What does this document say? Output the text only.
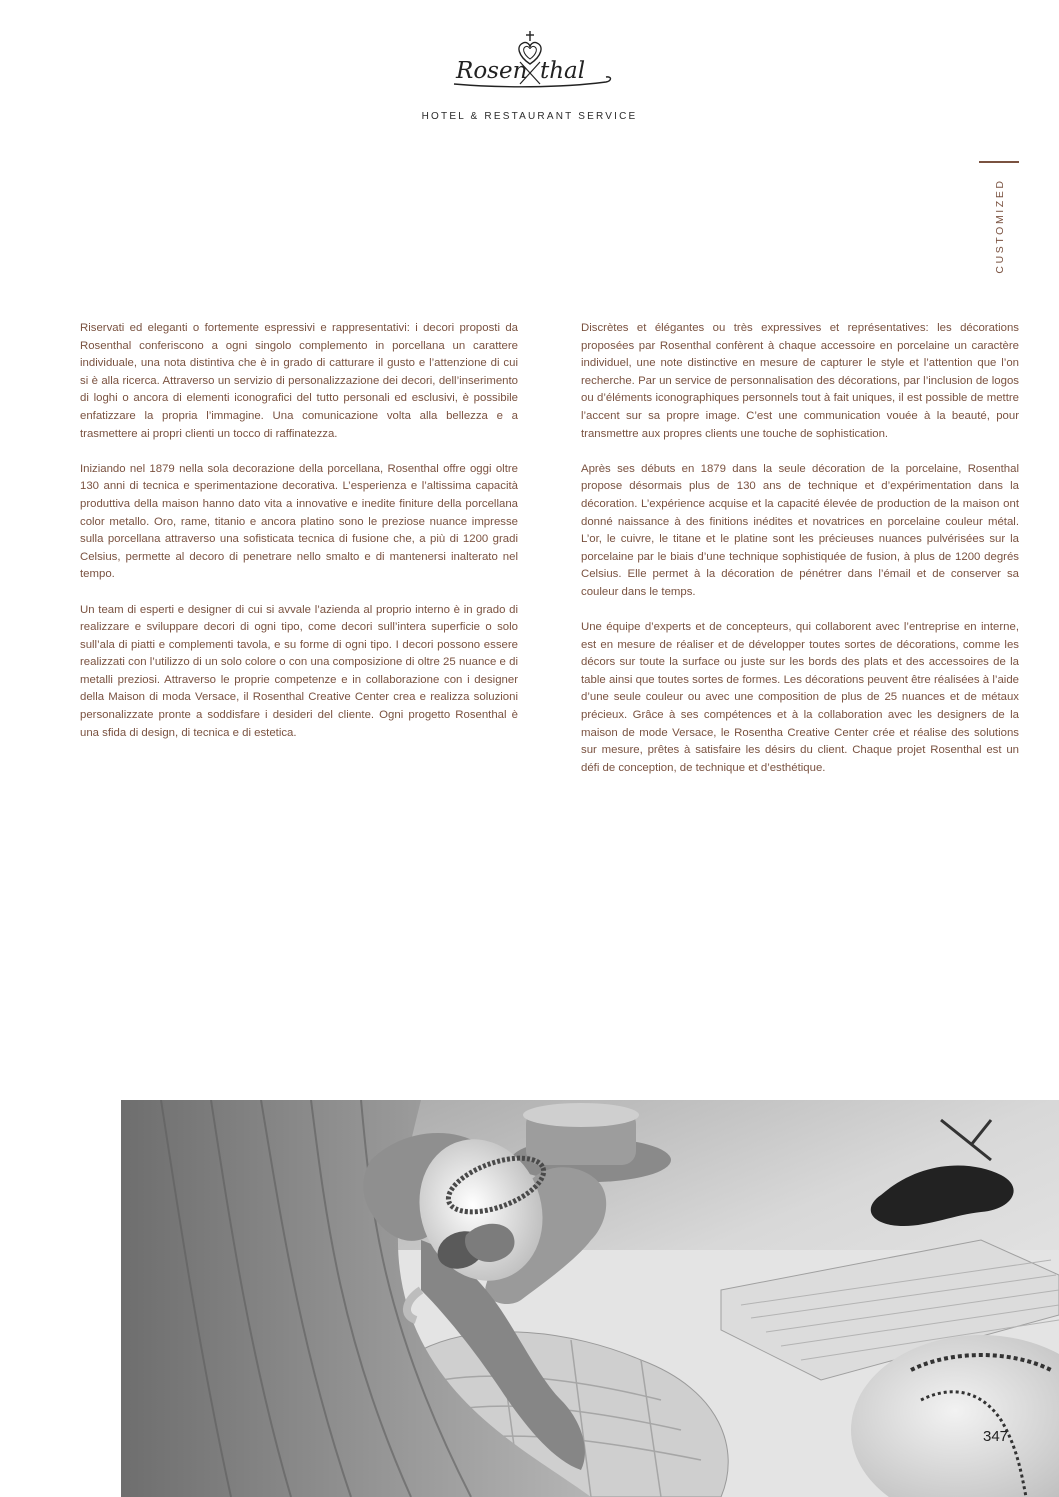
Rosen thal
HOTEL & RESTAURANT SERVICE
CUSTOMIZED

Riservati ed eleganti o fortemente espressivi e rappresentativi: i decori proposti da Rosenthal conferiscono a ogni singolo complemento in porcellana un carattere individuale, una nota distintiva che è in grado di catturare il gusto e l’attenzione di cui si è alla ricerca. Attraverso un servizio di personalizzazione dei decori, dell’inserimento di loghi o ancora di elementi iconografici del tutto personali ed esclusivi, è possibile enfatizzare la propria l’immagine. Una comunicazione volta alla bellezza e a trasmettere ai propri clienti un tocco di raffinatezza.

Iniziando nel 1879 nella sola decorazione della porcellana, Rosenthal offre oggi oltre 130 anni di tecnica e sperimentazione decorativa. L’esperienza e l’altissima capacità produttiva della maison hanno dato vita a innovative e inedite finiture della porcellana color metallo. Oro, rame, titanio e ancora platino sono le preziose nuance impresse sulla porcellana attraverso una sofisticata tecnica di fusione che, a più di 1200 gradi Celsius, permette al decoro di penetrare nello smalto e di mantenersi inalterato nel tempo.

Un team di esperti e designer di cui si avvale l’azienda al proprio interno è in grado di realizzare e sviluppare decori di ogni tipo, come decori sull’intera superficie o solo sull’ala di piatti e complementi tavola, e su forme di ogni tipo. I decori possono essere realizzati con l’utilizzo di un solo colore o con una composizione di oltre 25 nuance e di metalli preziosi. Attraverso le proprie competenze e in collaborazione con i designer della Maison di moda Versace, il Rosenthal Creative Center crea e realizza soluzioni personalizzate pronte a soddisfare i desideri del cliente. Ogni progetto Rosenthal è una sfida di design, di tecnica e di estetica.

Discrètes et élégantes ou très expressives et représentatives: les décorations proposées par Rosenthal confèrent à chaque accessoire en porcelaine un caractère individuel, une note distinctive en mesure de capturer le style et l’attention que l’on recherche. Par un service de personnalisation des décorations, par l’inclusion de logos ou d’éléments iconographiques personnels tout à fait uniques, il est possible de mettre l’accent sur sa propre image. C’est une communication vouée à la beauté, pour transmettre aux propres clients une touche de sophistication.

Après ses débuts en 1879 dans la seule décoration de la porcelaine, Rosenthal propose désormais plus de 130 ans de technique et d’expérimentation dans la décoration. L’expérience acquise et la capacité élevée de production de la maison ont donné naissance à des finitions inédites et novatrices en porcelaine couleur métal. L’or, le cuivre, le titane et le platine sont les précieuses nuances pulvérisées sur la porcelaine par le biais d’une technique sophistiquée de fusion, à plus de 1200 degrés Celsius. Elle permet à la décoration de pénétrer dans l’émail et de conserver sa couleur dans le temps.

Une équipe d’experts et de concepteurs, qui collaborent avec l’entreprise en interne, est en mesure de réaliser et de développer toutes sortes de décorations, comme les décors sur toute la surface ou juste sur les bords des plats et des accessoires de la table ainsi que toutes sortes de formes. Les décorations peuvent être réalisées à l’aide d’une seule couleur ou avec une composition de plus de 25 nuances et de métaux précieux. Grâce à ses compétences et à la collaboration avec les designers de la maison de mode Versace, le Rosentha Creative Center crée et réalise des solutions sur mesure, prêtes à satisfaire les désirs du client. Chaque projet Rosenthal est un défi de conception, de technique et d’esthétique.

347
